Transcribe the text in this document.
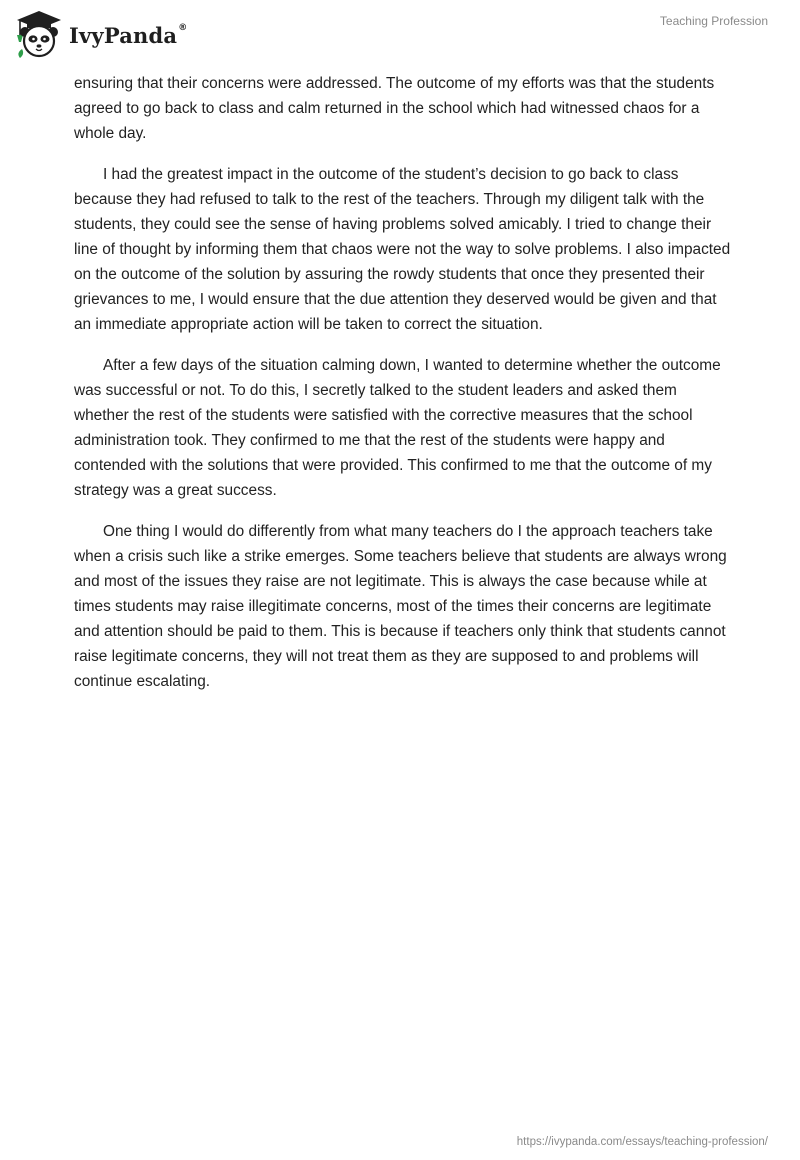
IvyPanda®	Teaching Profession

ensuring that their concerns were addressed. The outcome of my efforts was that the students agreed to go back to class and calm returned in the school which had witnessed chaos for a whole day.

I had the greatest impact in the outcome of the student’s decision to go back to class because they had refused to talk to the rest of the teachers. Through my diligent talk with the students, they could see the sense of having problems solved amicably. I tried to change their line of thought by informing them that chaos were not the way to solve problems. I also impacted on the outcome of the solution by assuring the rowdy students that once they presented their grievances to me, I would ensure that the due attention they deserved would be given and that an immediate appropriate action will be taken to correct the situation.

After a few days of the situation calming down, I wanted to determine whether the outcome was successful or not. To do this, I secretly talked to the student leaders and asked them whether the rest of the students were satisfied with the corrective measures that the school administration took. They confirmed to me that the rest of the students were happy and contended with the solutions that were provided. This confirmed to me that the outcome of my strategy was a great success.

One thing I would do differently from what many teachers do I the approach teachers take when a crisis such like a strike emerges. Some teachers believe that students are always wrong and most of the issues they raise are not legitimate. This is always the case because while at times students may raise illegitimate concerns, most of the times their concerns are legitimate and attention should be paid to them. This is because if teachers only think that students cannot raise legitimate concerns, they will not treat them as they are supposed to and problems will continue escalating.

https://ivypanda.com/essays/teaching-profession/
